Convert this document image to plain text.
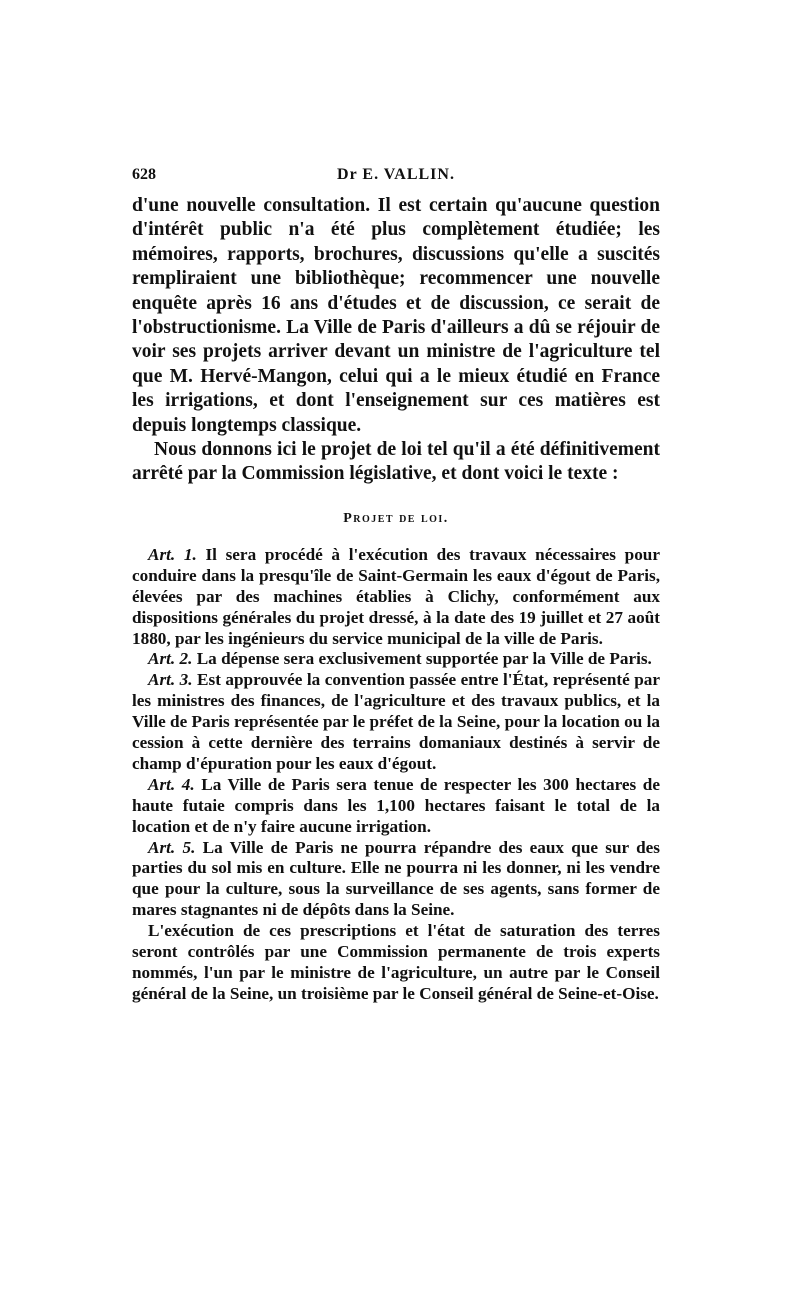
628	Dr E. VALLIN.

d'une nouvelle consultation. Il est certain qu'aucune question d'intérêt public n'a été plus complètement étudiée; les mémoires, rapports, brochures, discussions qu'elle a suscités rempliraient une bibliothèque; recommencer une nouvelle enquête après 16 ans d'études et de discussion, ce serait de l'obstructionisme. La Ville de Paris d'ailleurs a dû se réjouir de voir ses projets arriver devant un ministre de l'agriculture tel que M. Hervé-Mangon, celui qui a le mieux étudié en France les irrigations, et dont l'enseignement sur ces matières est depuis longtemps classique.

Nous donnons ici le projet de loi tel qu'il a été définitivement arrêté par la Commission législative, et dont voici le texte :

Projet de loi.

Art. 1. Il sera procédé à l'exécution des travaux nécessaires pour conduire dans la presqu'île de Saint-Germain les eaux d'égout de Paris, élevées par des machines établies à Clichy, conformément aux dispositions générales du projet dressé, à la date des 19 juillet et 27 août 1880, par les ingénieurs du service municipal de la ville de Paris.

Art. 2. La dépense sera exclusivement supportée par la Ville de Paris.

Art. 3. Est approuvée la convention passée entre l'État, représenté par les ministres des finances, de l'agriculture et des travaux publics, et la Ville de Paris représentée par le préfet de la Seine, pour la location ou la cession à cette dernière des terrains domaniaux destinés à servir de champ d'épuration pour les eaux d'égout.

Art. 4. La Ville de Paris sera tenue de respecter les 300 hectares de haute futaie compris dans les 1,100 hectares faisant le total de la location et de n'y faire aucune irrigation.

Art. 5. La Ville de Paris ne pourra répandre des eaux que sur des parties du sol mis en culture. Elle ne pourra ni les donner, ni les vendre que pour la culture, sous la surveillance de ses agents, sans former de mares stagnantes ni de dépôts dans la Seine.

L'exécution de ces prescriptions et l'état de saturation des terres seront contrôlés par une Commission permanente de trois experts nommés, l'un par le ministre de l'agriculture, un autre par le Conseil général de la Seine, un troisième par le Conseil général de Seine-et-Oise.
